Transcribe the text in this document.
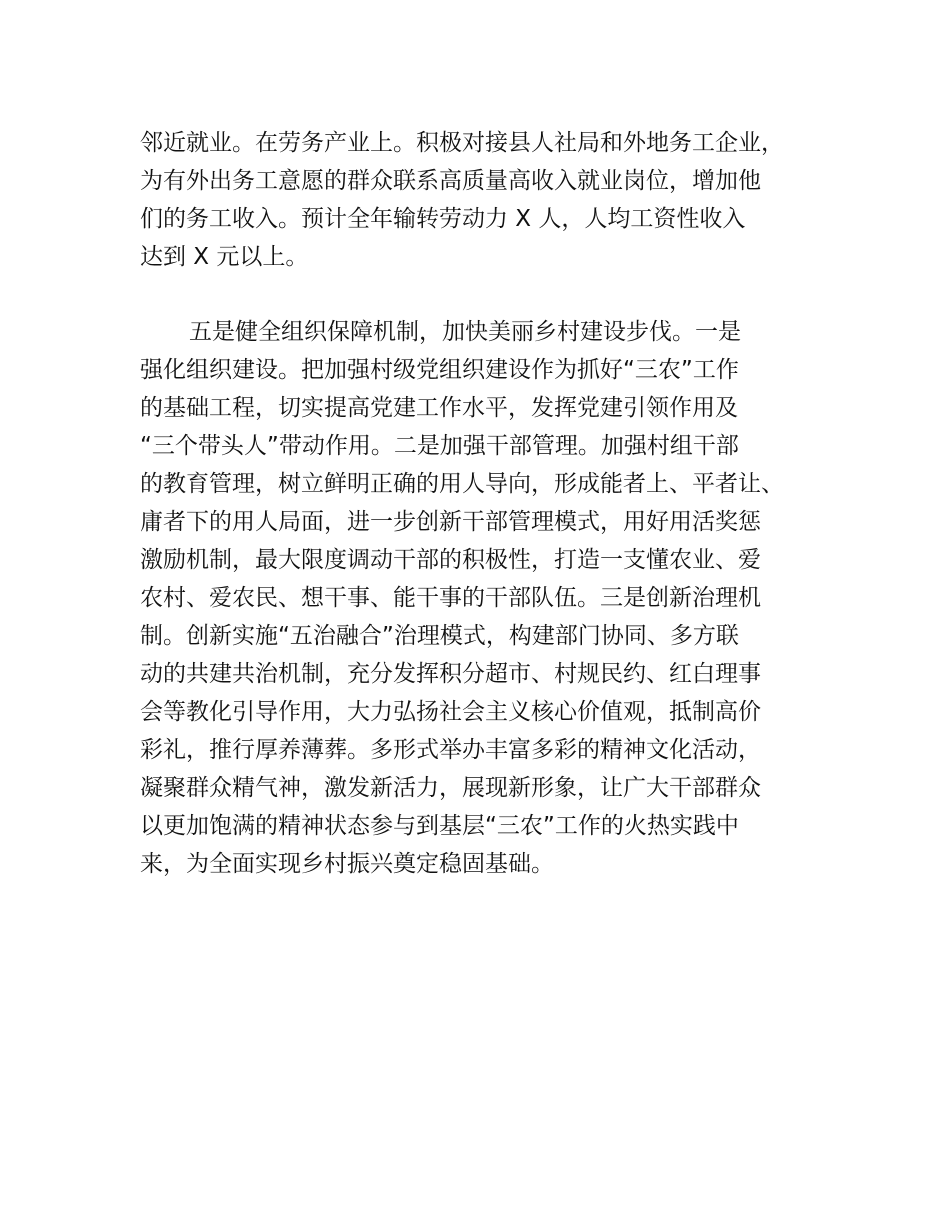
邻近就业。在劳务产业上。积极对接县人社局和外地务工企业，
为有外出务工意愿的群众联系高质量高收入就业岗位，增加他
们的务工收入。预计全年输转劳动力 X 人，人均工资性收入
达到 X 元以上。
五是健全组织保障机制，加快美丽乡村建设步伐。一是
强化组织建设。把加强村级党组织建设作为抓好“三农”工作
的基础工程，切实提高党建工作水平，发挥党建引领作用及
“三个带头人”带动作用。二是加强干部管理。加强村组干部
的教育管理，树立鲜明正确的用人导向，形成能者上、平者让、
庸者下的用人局面，进一步创新干部管理模式，用好用活奖惩
激励机制，最大限度调动干部的积极性，打造一支懂农业、爱
农村、爱农民、想干事、能干事的干部队伍。三是创新治理机
制。创新实施“五治融合”治理模式，构建部门协同、多方联
动的共建共治机制，充分发挥积分超市、村规民约、红白理事
会等教化引导作用，大力弘扬社会主义核心价值观，抵制高价
彩礼，推行厚养薄葬。多形式举办丰富多彩的精神文化活动，
凝聚群众精气神，激发新活力，展现新形象，让广大干部群众
以更加饱满的精神状态参与到基层“三农”工作的火热实践中
来，为全面实现乡村振兴奠定稳固基础。
